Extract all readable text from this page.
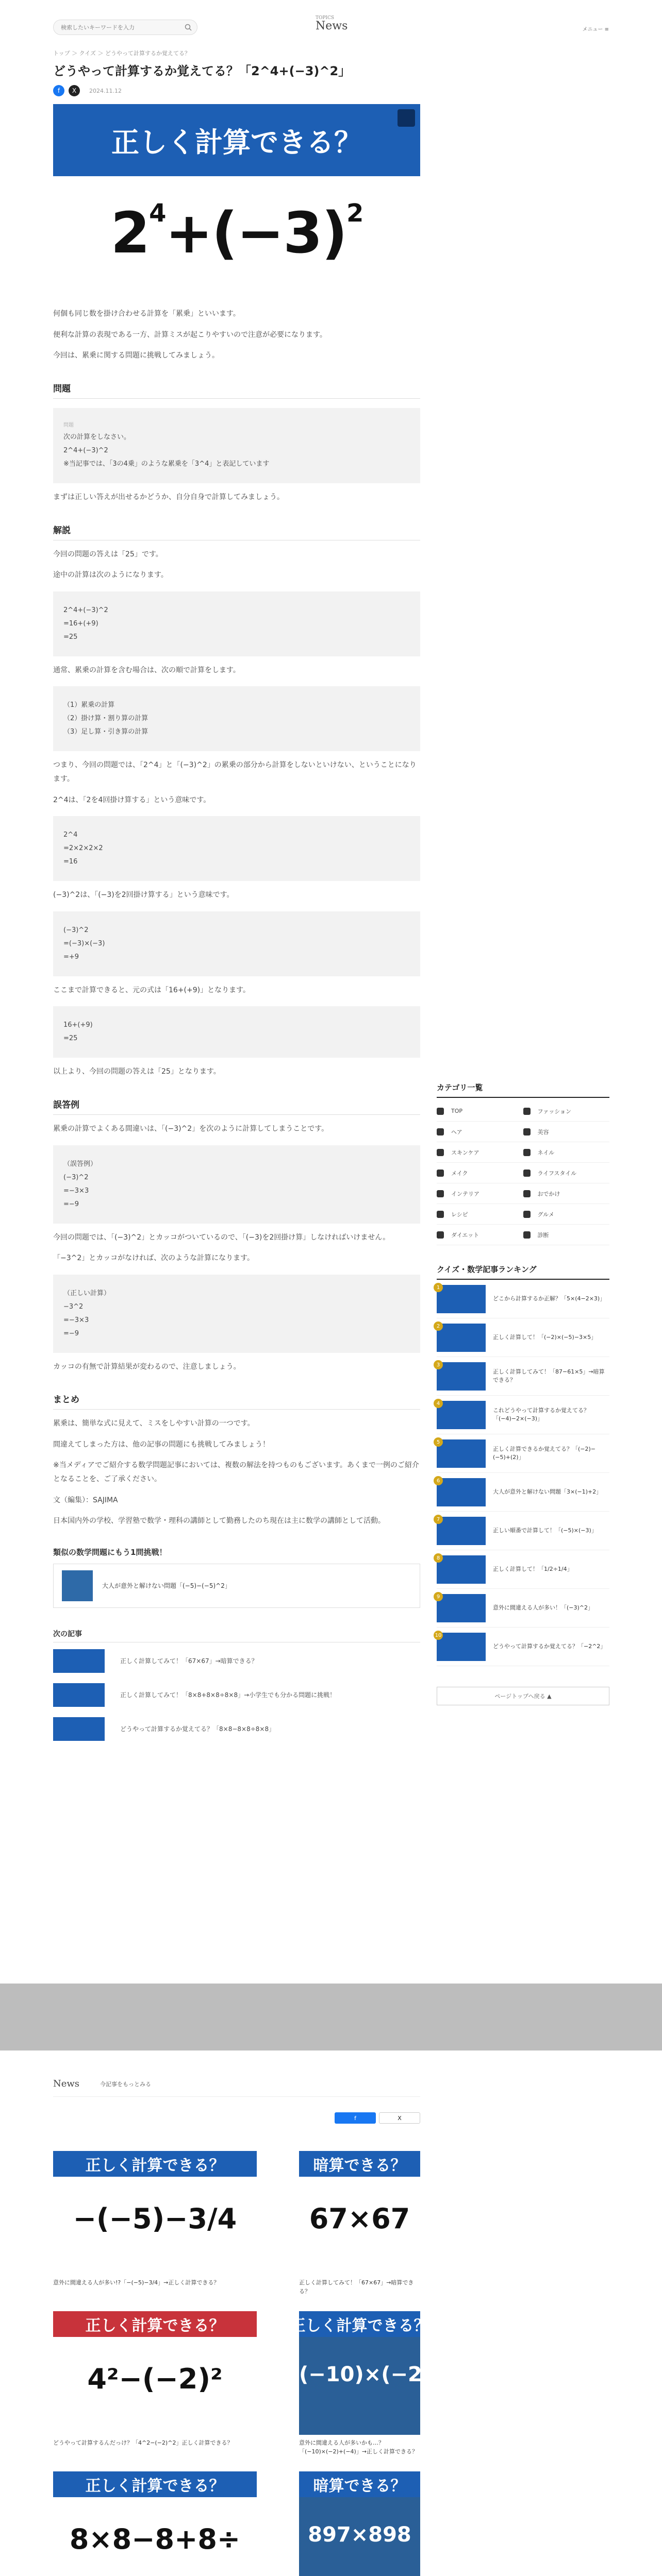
検索したいキーワードを入力
TOPICS
News	メニュー ≡
トップ ＞ クイズ ＞ どうやって計算するか覚えてる？
どうやって計算するか覚えてる？「2^4+(−3)^2」
f	X	2024.11.12
正しく計算できる？
$2^4+(-3)^2$

何個も同じ数を掛け合わせる計算を「累乗」といいます。

便利な計算の表現である一方、計算ミスが起こりやすいので注意が必要になります。

今回は、累乗に関する問題に挑戦してみましょう。

問題
問題
次の計算をしなさい。
2^4+(−3)^2
※当記事では、「3の4乗」のような累乗を「3^4」と表記しています

まずは正しい答えが出せるかどうか、自分自身で計算してみましょう。

解説

今回の問題の答えは「25」です。

途中の計算は次のようになります。

2^4+(−3)^2
=16+(+9)
=25

通常、累乗の計算を含む場合は、次の順で計算をします。

（1）累乗の計算
（2）掛け算・割り算の計算
（3）足し算・引き算の計算

つまり、今回の問題では、「2^4」と「(−3)^2」の累乗の部分から計算をしないといけない、ということになります。

2^4は、「2を4回掛け算する」という意味です。

2^4
=2×2×2×2
=16

(−3)^2は、「(−3)を2回掛け算する」という意味です。

(−3)^2
=(−3)×(−3)
=+9

ここまで計算できると、元の式は「16+(+9)」となります。

16+(+9)
=25

以上より、今回の問題の答えは「25」となります。

誤答例

累乗の計算でよくある間違いは、「(−3)^2」を次のように計算してしまうことです。

（誤答例）
(−3)^2
=−3×3
=−9

今回の問題では、「(−3)^2」とカッコがついているので、「(−3)を2回掛け算」しなければいけません。

「−3^2」とカッコがなければ、次のような計算になります。

（正しい計算）
−3^2
=−3×3
=−9

カッコの有無で計算結果が変わるので、注意しましょう。

まとめ

累乗は、簡単な式に見えて、ミスをしやすい計算の一つです。

間違えてしまった方は、他の記事の問題にも挑戦してみましょう！

※当メディアでご紹介する数学問題記事においては、複数の解法を持つものもございます。あくまで一例のご紹介となることを、ご了承ください。

文（編集）：SAJIMA

日本国内外の学校、学習塾で数学・理科の講師として勤務したのち現在は主に数学の講師として活動。

類似の数学問題にもう1問挑戦！
大人が意外と解けない問題「(−5)−(−5)^2」
次の記事
正しく計算してみて！「67×67」→暗算できる？
正しく計算してみて！「8×8+8×8÷8×8」→小学生でも分かる問題に挑戦！
どうやって計算するか覚えてる？「8×8−8×8÷8×8」
カテゴリ一覧
TOP	ファッション
ヘア	美容
スキンケア	ネイル
メイク	ライフスタイル
インテリア	おでかけ
レシピ	グルメ
ダイエット	診断
クイズ・数学記事ランキング
1
どこから計算するか正解？「5×(4−2×3)」
2
正しく計算して！「(−2)×(−5)−3×5」
3
正しく計算してみて！「87−61×5」→暗算できる？
4
これどうやって計算するか覚えてる？「(−4)−2×(−3)」
5
正しく計算できるか覚えてる？「(−2)−(−5)+(2)」
6
大人が意外と解けない問題「3×(−1)+2」
7
正しい順番で計算して！「(−5)×(−3)」
8
正しく計算して！「1/2÷1/4」
9
意外に間違える人が多い！「(−3)^2」
10
どうやって計算するか覚えてる？「−2^2」
ページトップへ戻る ▲
News	今記事をもっとみる
f	X
正しく計算できる？
−(−5)−3/4
意外に間違える人が多い!?「−(−5)−3/4」→正しく計算できる？
暗算できる？
67×67
正しく計算してみて！「67×67」→暗算できる？
正しく計算できる？
4²−(−2)²
どうやって計算するんだっけ？「4^2−(−2)^2」正しく計算できる？
正しく計算できる？
(−10)×(−2)+(−4)
意外に間違える人が多いかも…？「(−10)×(−2)+(−4)」→正しく計算できる？
正しく計算できる？
8×8−8+8÷
暗算できる？
897×898
